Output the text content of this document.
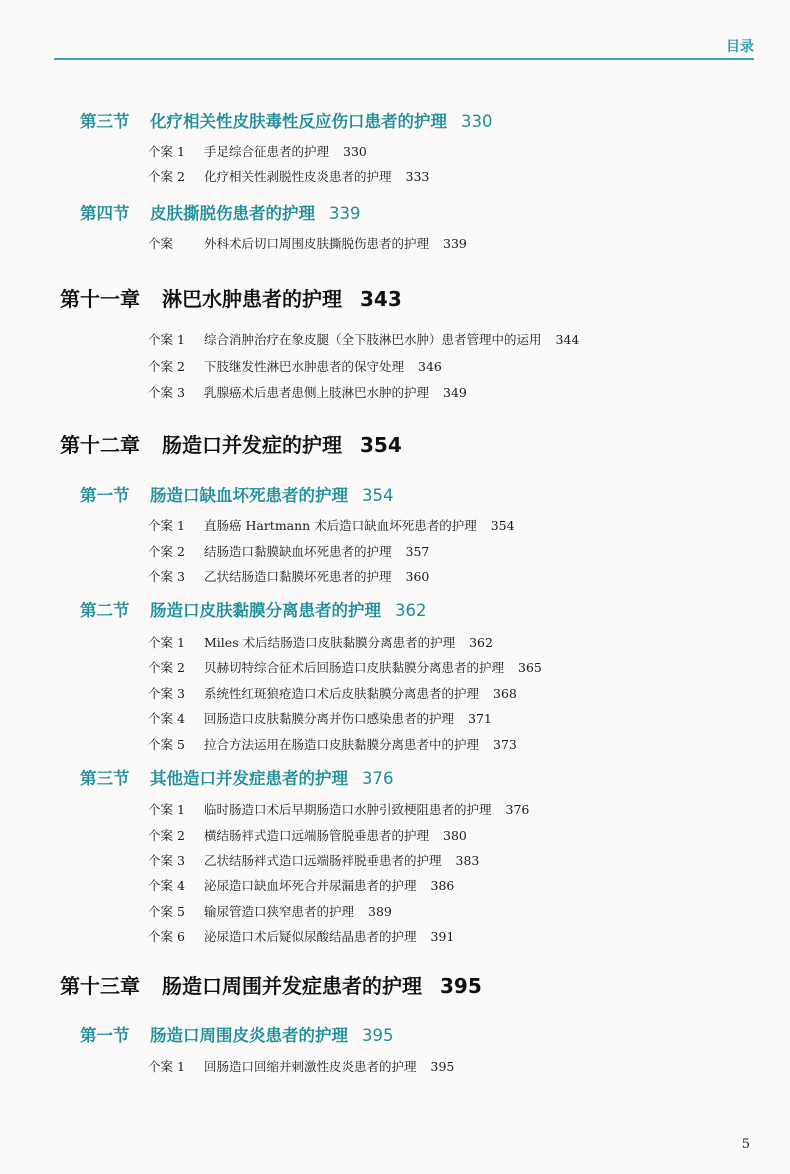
目录
第三节 化疗相关性皮肤毒性反应伤口患者的护理 330
个案 1 手足综合征患者的护理 330
个案 2 化疗相关性剥脱性皮炎患者的护理 333
第四节 皮肤撕脱伤患者的护理 339
个案 外科术后切口周围皮肤撕脱伤患者的护理 339
第十一章 淋巴水肿患者的护理 343
个案 1 综合消肿治疗在象皮腿（全下肢淋巴水肿）患者管理中的运用 344
个案 2 下肢继发性淋巴水肿患者的保守处理 346
个案 3 乳腺癌术后患者患侧上肢淋巴水肿的护理 349
第十二章 肠造口并发症的护理 354
第一节 肠造口缺血坏死患者的护理 354
个案 1 直肠癌 Hartmann 术后造口缺血坏死患者的护理 354
个案 2 结肠造口黏膜缺血坏死患者的护理 357
个案 3 乙状结肠造口黏膜坏死患者的护理 360
第二节 肠造口皮肤黏膜分离患者的护理 362
个案 1 Miles 术后结肠造口皮肤黏膜分离患者的护理 362
个案 2 贝赫切特综合征术后回肠造口皮肤黏膜分离患者的护理 365
个案 3 系统性红斑狼疮造口术后皮肤黏膜分离患者的护理 368
个案 4 回肠造口皮肤黏膜分离并伤口感染患者的护理 371
个案 5 拉合方法运用在肠造口皮肤黏膜分离患者中的护理 373
第三节 其他造口并发症患者的护理 376
个案 1 临时肠造口术后早期肠造口水肿引致梗阻患者的护理 376
个案 2 横结肠袢式造口远端肠管脱垂患者的护理 380
个案 3 乙状结肠袢式造口远端肠袢脱垂患者的护理 383
个案 4 泌尿造口缺血坏死合并尿漏患者的护理 386
个案 5 输尿管造口狭窄患者的护理 389
个案 6 泌尿造口术后疑似尿酸结晶患者的护理 391
第十三章 肠造口周围并发症患者的护理 395
第一节 肠造口周围皮炎患者的护理 395
个案 1 回肠造口回缩并刺激性皮炎患者的护理 395
5
